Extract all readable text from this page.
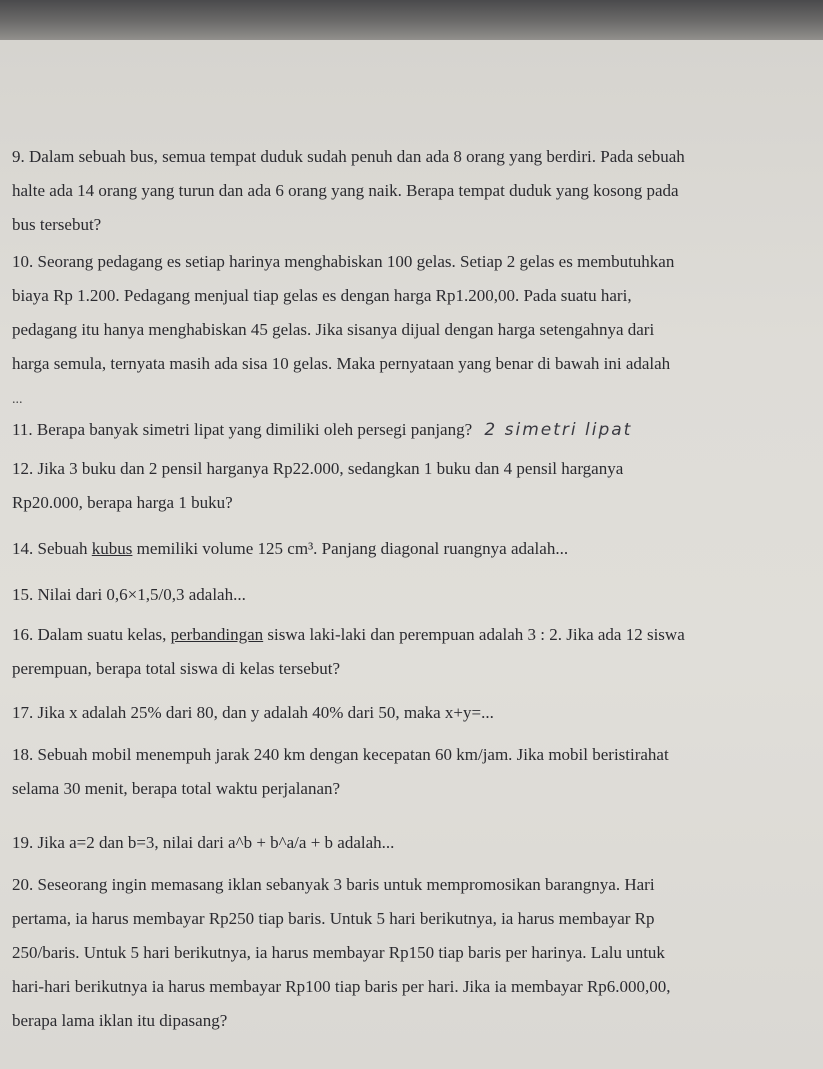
9. Dalam sebuah bus, semua tempat duduk sudah penuh dan ada 8 orang yang berdiri. Pada sebuah
halte ada 14 orang yang turun dan ada 6 orang yang naik. Berapa tempat duduk yang kosong pada
bus tersebut?
10. Seorang pedagang es setiap harinya menghabiskan 100 gelas. Setiap 2 gelas es membutuhkan
biaya Rp 1.200. Pedagang menjual tiap gelas es dengan harga Rp1.200,00. Pada suatu hari,
pedagang itu hanya menghabiskan 45 gelas. Jika sisanya dijual dengan harga setengahnya dari
harga semula, ternyata masih ada sisa 10 gelas. Maka pernyataan yang benar di bawah ini adalah
...
11. Berapa banyak simetri lipat yang dimiliki oleh persegi panjang? 2 simetri lipat
12. Jika 3 buku dan 2 pensil harganya Rp22.000, sedangkan 1 buku dan 4 pensil harganya
Rp20.000, berapa harga 1 buku?
14. Sebuah kubus memiliki volume 125 cm³. Panjang diagonal ruangnya adalah...
15. Nilai dari 0,6×1,5/0,3 adalah...
16. Dalam suatu kelas, perbandingan siswa laki-laki dan perempuan adalah 3 : 2. Jika ada 12 siswa
perempuan, berapa total siswa di kelas tersebut?
17. Jika x adalah 25% dari 80, dan y adalah 40% dari 50, maka x+y=...
18. Sebuah mobil menempuh jarak 240 km dengan kecepatan 60 km/jam. Jika mobil beristirahat
selama 30 menit, berapa total waktu perjalanan?
19. Jika a=2 dan b=3, nilai dari a^b + b^a/a + b adalah...
20. Seseorang ingin memasang iklan sebanyak 3 baris untuk mempromosikan barangnya. Hari
pertama, ia harus membayar Rp250 tiap baris. Untuk 5 hari berikutnya, ia harus membayar Rp
250/baris. Untuk 5 hari berikutnya, ia harus membayar Rp150 tiap baris per harinya. Lalu untuk
hari-hari berikutnya ia harus membayar Rp100 tiap baris per hari. Jika ia membayar Rp6.000,00,
berapa lama iklan itu dipasang?
